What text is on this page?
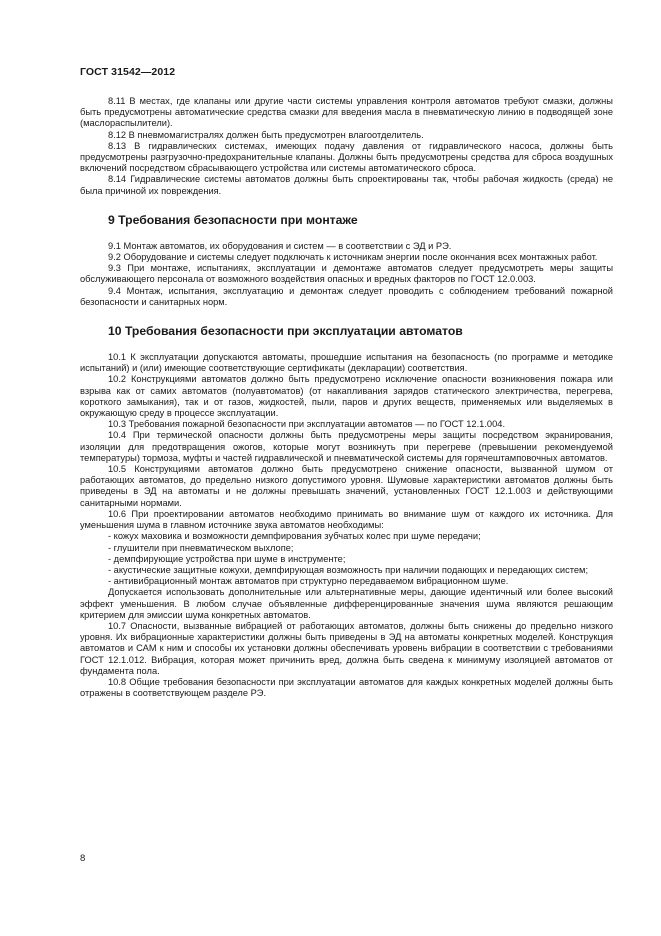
ГОСТ 31542—2012

8.11 В местах, где клапаны или другие части системы управления контроля автоматов требуют смазки, должны быть предусмотрены автоматические средства смазки для введения масла в пневматическую линию в подводящей зоне (маслораспылители).

8.12 В пневмомагистралях должен быть предусмотрен влагоотделитель.

8.13 В гидравлических системах, имеющих подачу давления от гидравлического насоса, должны быть предусмотрены разгрузочно-предохранительные клапаны. Должны быть предусмотрены средства для сброса воздушных включений посредством сбрасывающего устройства или системы автоматического сброса.

8.14 Гидравлические системы автоматов должны быть спроектированы так, чтобы рабочая жидкость (среда) не была причиной их повреждения.

9 Требования безопасности при монтаже

9.1 Монтаж автоматов, их оборудования и систем — в соответствии с ЭД и РЭ.

9.2 Оборудование и системы следует подключать к источникам энергии после окончания всех монтажных работ.

9.3 При монтаже, испытаниях, эксплуатации и демонтаже автоматов следует предусмотреть меры защиты обслуживающего персонала от возможного воздействия опасных и вредных факторов по ГОСТ 12.0.003.

9.4 Монтаж, испытания, эксплуатацию и демонтаж следует проводить с соблюдением требований пожарной безопасности и санитарных норм.

10 Требования безопасности при эксплуатации автоматов

10.1 К эксплуатации допускаются автоматы, прошедшие испытания на безопасность (по программе и методике испытаний) и (или) имеющие соответствующие сертификаты (декларации) соответствия.

10.2 Конструкциями автоматов должно быть предусмотрено исключение опасности возникновения пожара или взрыва как от самих автоматов (полуавтоматов) (от накапливания зарядов статического электричества, перегрева, короткого замыкания), так и от газов, жидкостей, пыли, паров и других веществ, применяемых или выделяемых в окружающую среду в процессе эксплуатации.

10.3 Требования пожарной безопасности при эксплуатации автоматов — по ГОСТ 12.1.004.

10.4 При термической опасности должны быть предусмотрены меры защиты посредством экранирования, изоляции для предотвращения ожогов, которые могут возникнуть при перегреве (превышении рекомендуемой температуры) тормоза, муфты и частей гидравлической и пневматической системы для горячештамповочных автоматов.

10.5 Конструкциями автоматов должно быть предусмотрено снижение опасности, вызванной шумом от работающих автоматов, до предельно низкого допустимого уровня. Шумовые характеристики автоматов должны быть приведены в ЭД на автоматы и не должны превышать значений, установленных ГОСТ 12.1.003 и действующими санитарными нормами.

10.6 При проектировании автоматов необходимо принимать во внимание шум от каждого их источника. Для уменьшения шума в главном источнике звука автоматов необходимы:

- кожух маховика и возможности демпфирования зубчатых колес при шуме передачи;

- глушители при пневматическом выхлопе;

- демпфирующие устройства при шуме в инструменте;

- акустические защитные кожухи, демпфирующая возможность при наличии подающих и передающих систем;

- антивибрационный монтаж автоматов при структурно передаваемом вибрационном шуме.

Допускается использовать дополнительные или альтернативные меры, дающие идентичный или более высокий эффект уменьшения. В любом случае объявленные дифференцированные значения шума являются решающим критерием для эмиссии шума конкретных автоматов.

10.7 Опасности, вызванные вибрацией от работающих автоматов, должны быть снижены до предельно низкого уровня. Их вибрационные характеристики должны быть приведены в ЭД на автоматы конкретных моделей. Конструкция автоматов и САМ к ним и способы их установки должны обеспечивать уровень вибрации в соответствии с требованиями ГОСТ 12.1.012. Вибрация, которая может причинить вред, должна быть сведена к минимуму изоляцией автоматов от фундамента пола.

10.8 Общие требования безопасности при эксплуатации автоматов для каждых конкретных моделей должны быть отражены в соответствующем разделе РЭ.

8
